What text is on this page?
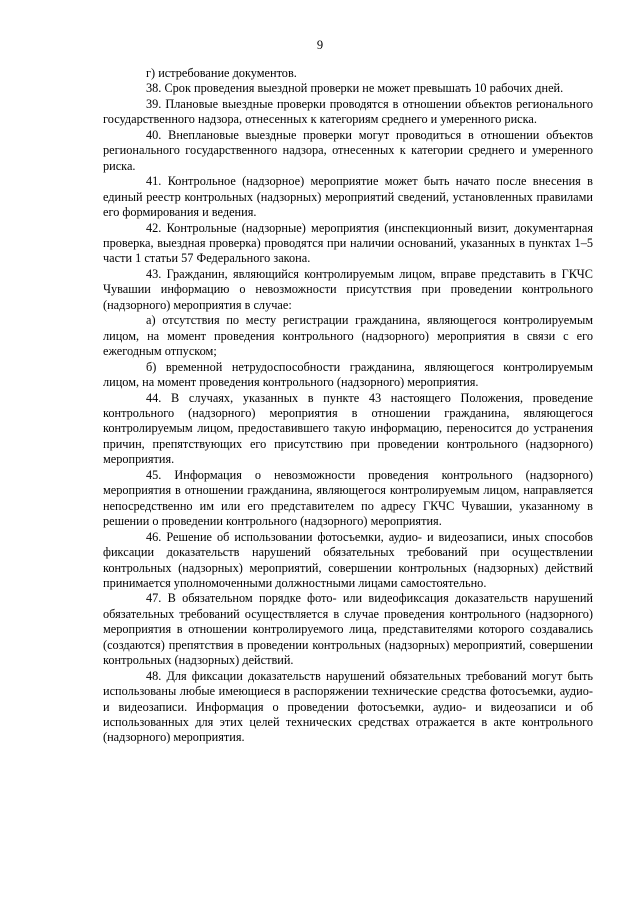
9

г) истребование документов.

38. Срок проведения выездной проверки не может превышать 10 рабочих дней.

39. Плановые выездные проверки проводятся в отношении объектов регионального государственного надзора, отнесенных к категориям среднего и умеренного риска.

40. Внеплановые выездные проверки могут проводиться в отношении объектов регионального государственного надзора, отнесенных к категории среднего и умеренного риска.

41. Контрольное (надзорное) мероприятие может быть начато после внесения в единый реестр контрольных (надзорных) мероприятий сведений, установленных правилами его формирования и ведения.

42. Контрольные (надзорные) мероприятия (инспекционный визит, документарная проверка, выездная проверка) проводятся при наличии оснований, указанных в пунктах 1–5 части 1 статьи 57 Федерального закона.

43. Гражданин, являющийся контролируемым лицом, вправе представить в ГКЧС Чувашии информацию о невозможности присутствия при проведении контрольного (надзорного) мероприятия в случае:

а) отсутствия по месту регистрации гражданина, являющегося контролируемым лицом, на момент проведения контрольного (надзорного) мероприятия в связи с его ежегодным отпуском;

б) временной нетрудоспособности гражданина, являющегося контролируемым лицом, на момент проведения контрольного (надзорного) мероприятия.

44. В случаях, указанных в пункте 43 настоящего Положения, проведение контрольного (надзорного) мероприятия в отношении гражданина, являющегося контролируемым лицом, предоставившего такую информацию, переносится до устранения причин, препятствующих его присутствию при проведении контрольного (надзорного) мероприятия.

45. Информация о невозможности проведения контрольного (надзорного) мероприятия в отношении гражданина, являющегося контролируемым лицом, направляется непосредственно им или его представителем по адресу ГКЧС Чувашии, указанному в решении о проведении контрольного (надзорного) мероприятия.

46. Решение об использовании фотосъемки, аудио- и видеозаписи, иных способов фиксации доказательств нарушений обязательных требований при осуществлении контрольных (надзорных) мероприятий, совершении контрольных (надзорных) действий принимается уполномоченными должностными лицами самостоятельно.

47. В обязательном порядке фото- или видеофиксация доказательств нарушений обязательных требований осуществляется в случае проведения контрольного (надзорного) мероприятия в отношении контролируемого лица, представителями которого создавались (создаются) препятствия в проведении контрольных (надзорных) мероприятий, совершении контрольных (надзорных) действий.

48. Для фиксации доказательств нарушений обязательных требований могут быть использованы любые имеющиеся в распоряжении технические средства фотосъемки, аудио- и видеозаписи. Информация о проведении фотосъемки, аудио- и видеозаписи и об использованных для этих целей технических средствах отражается в акте контрольного (надзорного) мероприятия.
